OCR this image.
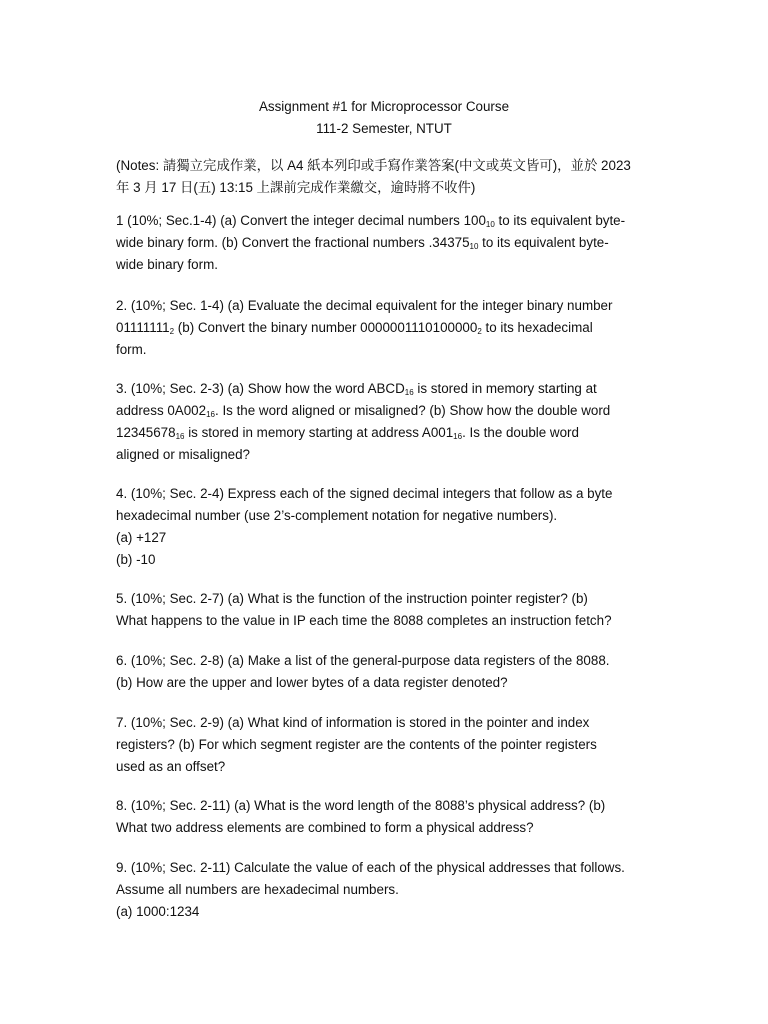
Assignment #1 for Microprocessor Course
111-2 Semester, NTUT
(Notes: 請獨立完成作業，以 A4 紙本列印或手寫作業答案(中文或英文皆可)，並於 2023
年 3 月 17 日(五) 13:15 上課前完成作業繳交，逾時將不收件)
1 (10%; Sec.1-4) (a) Convert the integer decimal numbers $100_{10}$ to its equivalent byte-
wide binary form. (b) Convert the fractional numbers $.34375_{10}$ to its equivalent byte-
wide binary form.
2. (10%; Sec. 1-4) (a) Evaluate the decimal equivalent for the integer binary number
$01111111_2$ (b) Convert the binary number $0000001110100000_2$ to its hexadecimal
form.
3. (10%; Sec. 2-3) (a) Show how the word $ABCD_{16}$ is stored in memory starting at
address $0A002_{16}$. Is the word aligned or misaligned? (b) Show how the double word
$12345678_{16}$ is stored in memory starting at address $A001_{16}$. Is the double word
aligned or misaligned?
4. (10%; Sec. 2-4) Express each of the signed decimal integers that follow as a byte
hexadecimal number (use 2’s-complement notation for negative numbers).
(a) +127
(b) -10
5. (10%; Sec. 2-7) (a) What is the function of the instruction pointer register? (b)
What happens to the value in IP each time the 8088 completes an instruction fetch?
6. (10%; Sec. 2-8) (a) Make a list of the general-purpose data registers of the 8088.
(b) How are the upper and lower bytes of a data register denoted?
7. (10%; Sec. 2-9) (a) What kind of information is stored in the pointer and index
registers? (b) For which segment register are the contents of the pointer registers
used as an offset?
8. (10%; Sec. 2-11) (a) What is the word length of the 8088’s physical address? (b)
What two address elements are combined to form a physical address?
9. (10%; Sec. 2-11) Calculate the value of each of the physical addresses that follows.
Assume all numbers are hexadecimal numbers.
(a) 1000:1234
